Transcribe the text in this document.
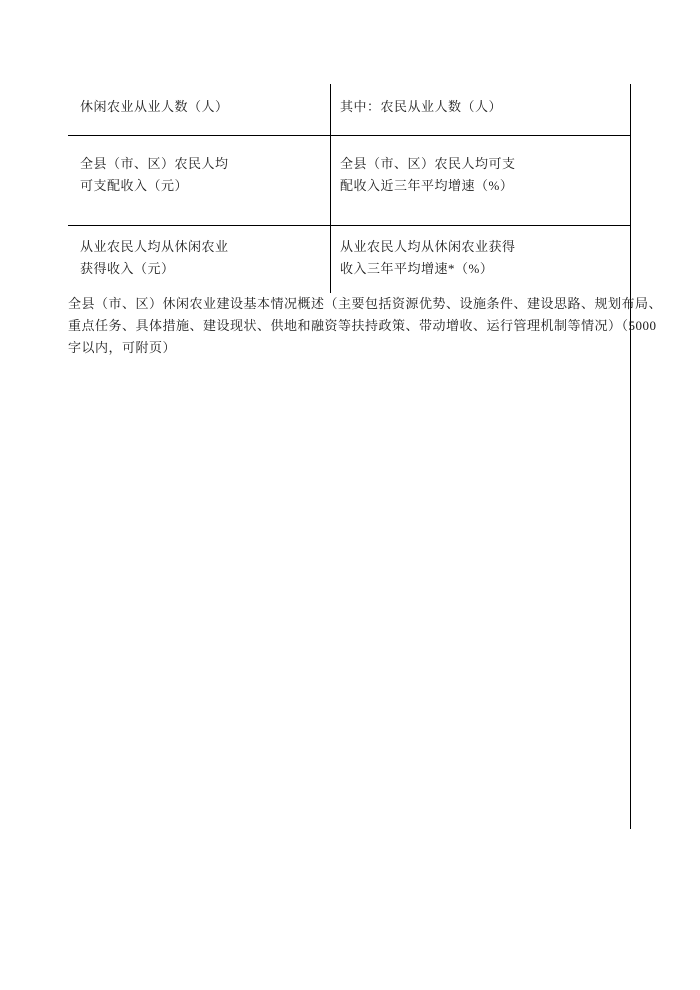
休闲农业从业人数（人）	其中：农民从业人数（人）
全县（市、区）农民人均
可支配收入（元）
全县（市、区）农民人均可支
配收入近三年平均增速（%）
从业农民人均从休闲农业
获得收入（元）
从业农民人均从休闲农业获得
收入三年平均增速*（%）
全县（市、区）休闲农业建设基本情况概述（主要包括资源优势、设施条件、建设思路、规划布局、
重点任务、具体措施、建设现状、供地和融资等扶持政策、带动增收、运行管理机制等情况）（5000
字以内，可附页）
